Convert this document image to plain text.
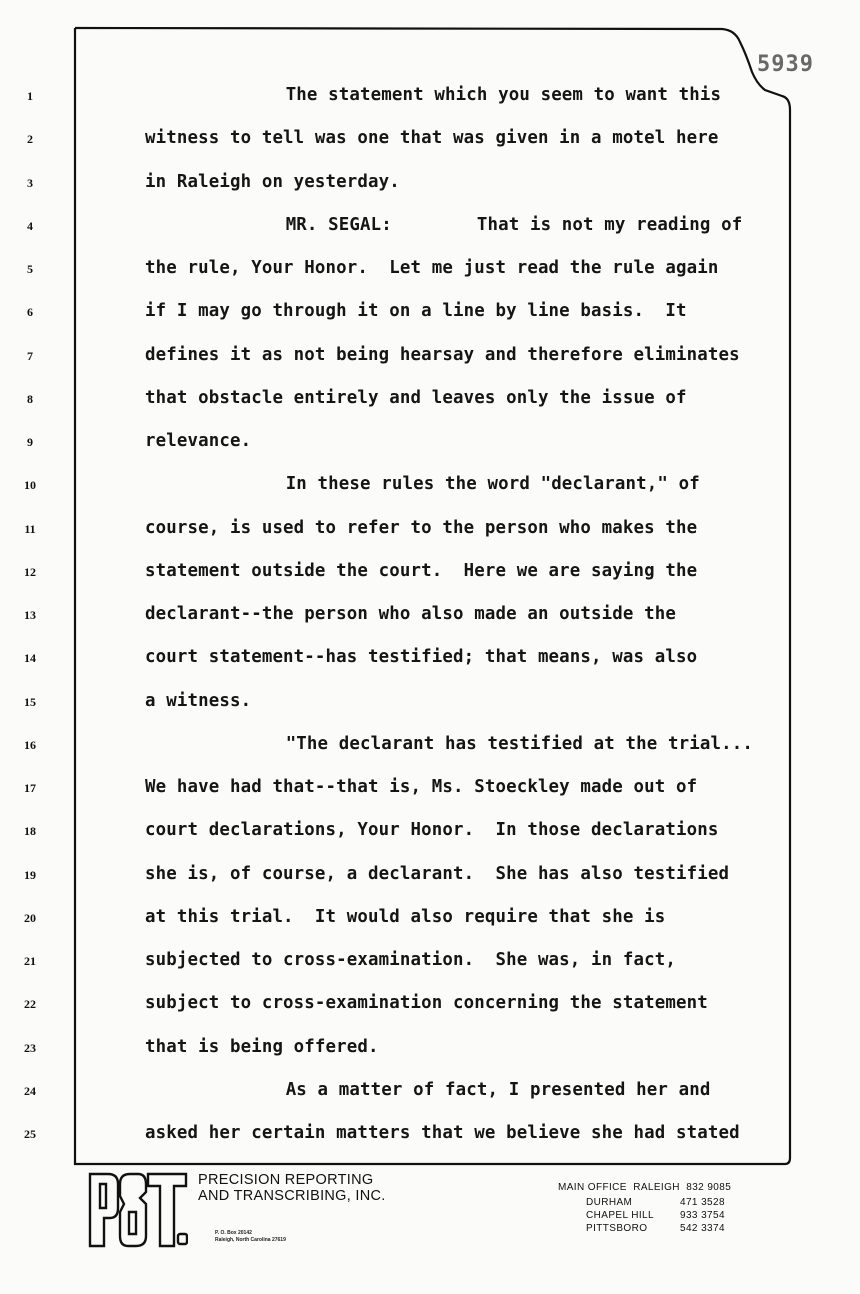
5939
1	The statement which you seem to want this
2	witness to tell was one that was given in a motel here
3	in Raleigh on yesterday.
4	MR. SEGAL:        That is not my reading of
5	the rule, Your Honor.  Let me just read the rule again
6	if I may go through it on a line by line basis.  It
7	defines it as not being hearsay and therefore eliminates
8	that obstacle entirely and leaves only the issue of
9	relevance.
10	In these rules the word "declarant," of
11	course, is used to refer to the person who makes the
12	statement outside the court.  Here we are saying the
13	declarant--the person who also made an outside the
14	court statement--has testified; that means, was also
15	a witness.
16	"The declarant has testified at the trial...
17	We have had that--that is, Ms. Stoeckley made out of
18	court declarations, Your Honor.  In those declarations
19	she is, of course, a declarant.  She has also testified
20	at this trial.  It would also require that she is
21	subjected to cross-examination.  She was, in fact,
22	subject to cross-examination concerning the statement
23	that is being offered.
24	As a matter of fact, I presented her and
25	asked her certain matters that we believe she had stated
PRECISION REPORTING
AND TRANSCRIBING, INC.
P. O. Box 20142
Raleigh, North Carolina 27619
MAIN OFFICE  RALEIGH  832 9085
DURHAM	471 3528
CHAPEL HILL	933 3754
PITTSBORO	542 3374
